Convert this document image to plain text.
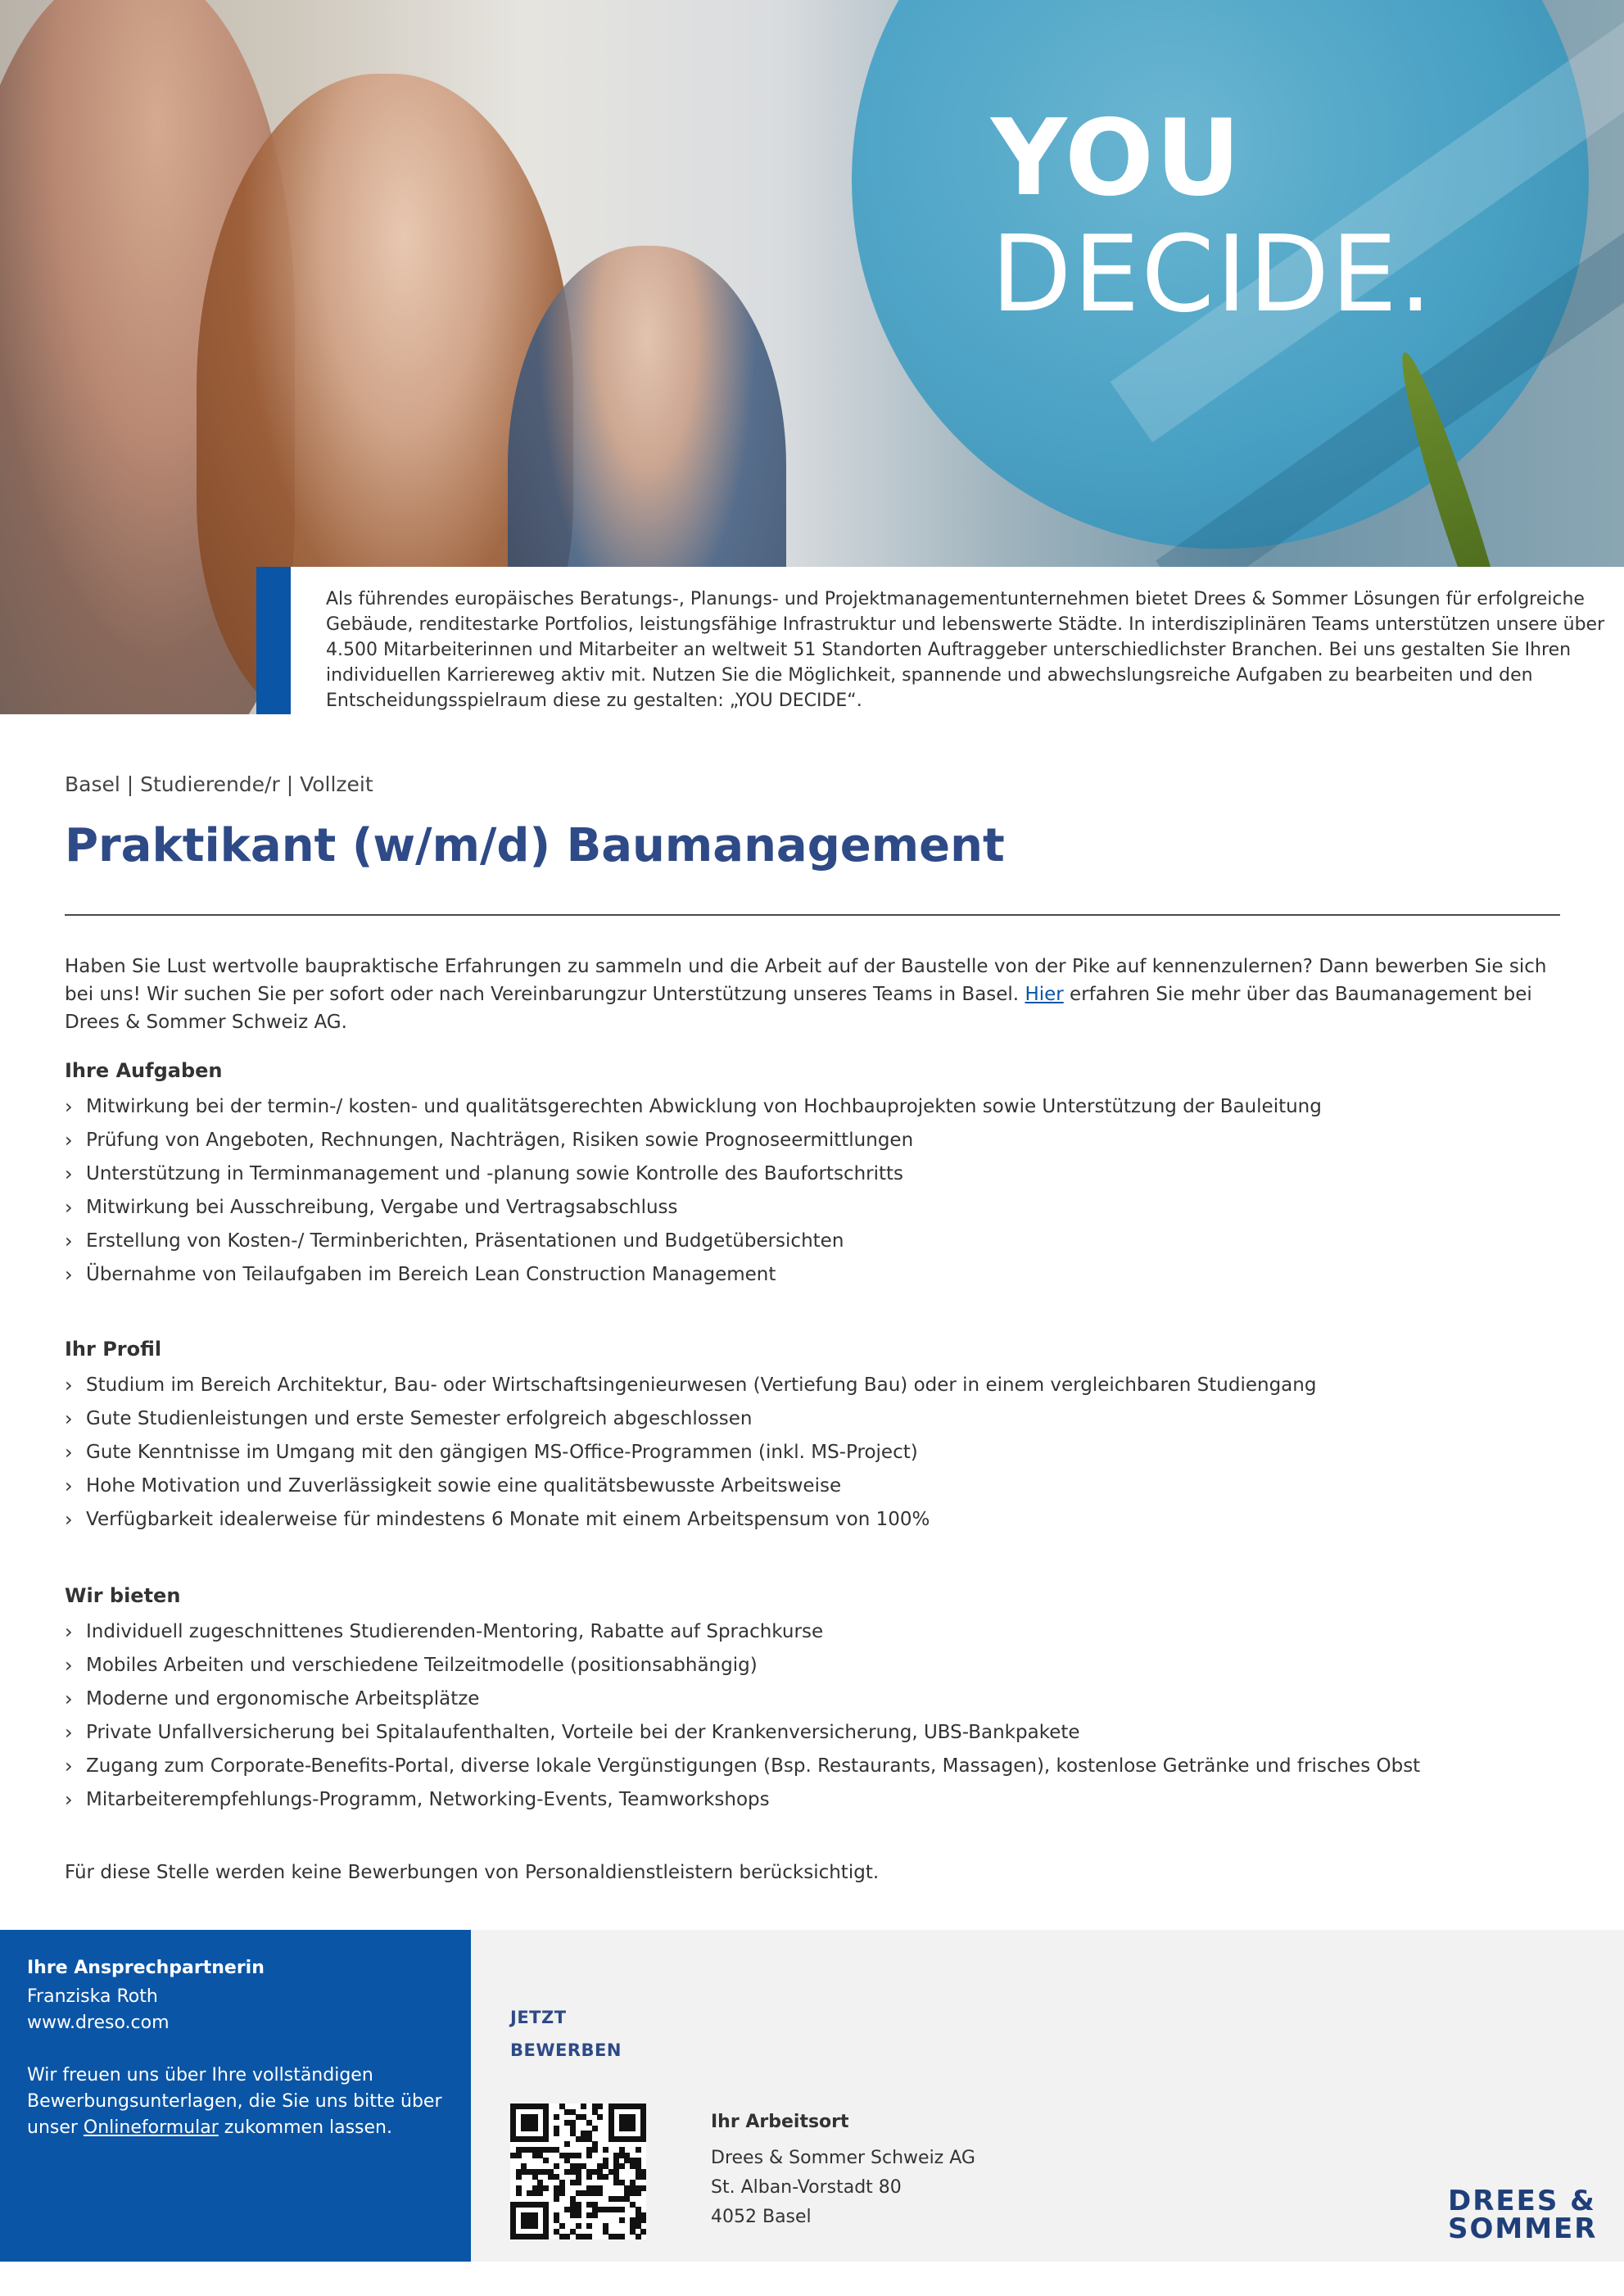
YOU
DECIDE.
Als führendes europäisches Beratungs-, Planungs- und Projektmanagementunternehmen bietet Drees & Sommer Lösungen für erfolgreiche Gebäude, renditestarke Portfolios, leistungsfähige Infrastruktur und lebenswerte Städte. In interdisziplinären Teams unterstützen unsere über 4.500 Mitarbeiterinnen und Mitarbeiter an weltweit 51 Standorten Auftraggeber unterschiedlichster Branchen. Bei uns gestalten Sie Ihren individuellen Karriereweg aktiv mit. Nutzen Sie die Möglichkeit, spannende und abwechslungsreiche Aufgaben zu bearbeiten und den Entscheidungsspielraum diese zu gestalten: „YOU DECIDE“.
Basel | Studierende/r | Vollzeit
Praktikant (w/m/d) Baumanagement
Haben Sie Lust wertvolle baupraktische Erfahrungen zu sammeln und die Arbeit auf der Baustelle von der Pike auf kennenzulernen? Dann bewerben Sie sich bei uns! Wir suchen Sie per sofort oder nach Vereinbarungzur Unterstützung unseres Teams in Basel. Hier erfahren Sie mehr über das Baumanagement bei Drees & Sommer Schweiz AG.
Ihre Aufgaben
› Mitwirkung bei der termin-/ kosten- und qualitätsgerechten Abwicklung von Hochbauprojekten sowie Unterstützung der Bauleitung
› Prüfung von Angeboten, Rechnungen, Nachträgen, Risiken sowie Prognoseermittlungen
› Unterstützung in Terminmanagement und -planung sowie Kontrolle des Baufortschritts
› Mitwirkung bei Ausschreibung, Vergabe und Vertragsabschluss
› Erstellung von Kosten-/ Terminberichten, Präsentationen und Budgetübersichten
› Übernahme von Teilaufgaben im Bereich Lean Construction Management
Ihr Profil
› Studium im Bereich Architektur, Bau- oder Wirtschaftsingenieurwesen (Vertiefung Bau) oder in einem vergleichbaren Studiengang
› Gute Studienleistungen und erste Semester erfolgreich abgeschlossen
› Gute Kenntnisse im Umgang mit den gängigen MS-Office-Programmen (inkl. MS-Project)
› Hohe Motivation und Zuverlässigkeit sowie eine qualitätsbewusste Arbeitsweise
› Verfügbarkeit idealerweise für mindestens 6 Monate mit einem Arbeitspensum von 100%
Wir bieten
› Individuell zugeschnittenes Studierenden-Mentoring, Rabatte auf Sprachkurse
› Mobiles Arbeiten und verschiedene Teilzeitmodelle (positionsabhängig)
› Moderne und ergonomische Arbeitsplätze
› Private Unfallversicherung bei Spitalaufenthalten, Vorteile bei der Krankenversicherung, UBS-Bankpakete
› Zugang zum Corporate-Benefits-Portal, diverse lokale Vergünstigungen (Bsp. Restaurants, Massagen), kostenlose Getränke und frisches Obst
› Mitarbeiterempfehlungs-Programm, Networking-Events, Teamworkshops
Für diese Stelle werden keine Bewerbungen von Personaldienstleistern berücksichtigt.
Ihre Ansprechpartnerin
Franziska Roth
www.dreso.com
Wir freuen uns über Ihre vollständigen Bewerbungsunterlagen, die Sie uns bitte über unser Onlineformular zukommen lassen.
JETZT
BEWERBEN
Ihr Arbeitsort
Drees & Sommer Schweiz AG
St. Alban-Vorstadt 80
4052 Basel	DREES &
SOMMER
